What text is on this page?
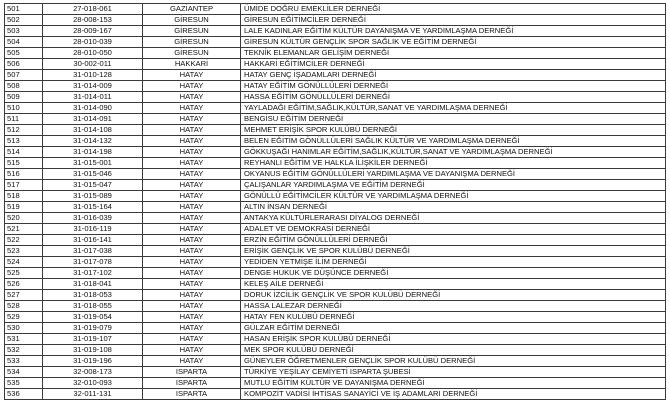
501	27-018-061	GAZİANTEP	ÜMİDE DOĞRU EMEKLİLER DERNEĞİ
502	28-008-153	GİRESUN	GİRESUN EĞİTİMCİLER DERNEĞİ
503	28-009-167	GİRESUN	LALE KADINLAR EĞİTİM KÜLTÜR DAYANIŞMA VE YARDIMLAŞMA DERNEĞİ
504	28-010-039	GİRESUN	GİRESUN KÜLTÜR GENÇLİK SPOR SAĞLIK VE EĞİTİM DERNEĞİ
505	28-010-050	GİRESUN	TEKNİK ELEMANLAR GELİŞİM DERNEĞİ
506	30-002-011	HAKKARİ	HAKKARİ EĞİTİMCİLER DERNEĞİ
507	31-010-128	HATAY	HATAY GENÇ İŞADAMLARI DERNEĞİ
508	31-014-009	HATAY	HATAY EĞİTİM GÖNÜLLÜLERİ DERNEĞİ
509	31-014-011	HATAY	HASSA EĞİTİM GÖNÜLLÜLERİ DERNEĞİ
510	31-014-090	HATAY	YAYLADAĞI EĞİTİM,SAĞLIK,KÜLTÜR,SANAT VE YARDIMLAŞMA DERNEĞİ
511	31-014-091	HATAY	BENGİSU EĞİTİM DERNEĞİ
512	31-014-108	HATAY	MEHMET ERİŞİK SPOR KULÜBÜ DERNEĞİ
513	31-014-132	HATAY	BELEN EĞİTİM GÖNÜLLÜLERİ SAĞLIK KÜLTÜR VE YARDIMLAŞMA DERNEĞİ
514	31-014-198	HATAY	GÖKKUŞAĞI HANIMLAR EĞİTİM,SAĞLIK,KÜLTÜR,SANAT VE YARDIMLAŞMA DERNEĞİ
515	31-015-001	HATAY	REYHANLI EĞİTİM VE HALKLA İLİŞKİLER DERNEĞİ
516	31-015-046	HATAY	OKYANUS EĞİTİM GÖNÜLLÜLERİ YARDIMLAŞMA VE DAYANIŞMA DERNEĞİ
517	31-015-047	HATAY	ÇALIŞANLAR YARDIMLAŞMA VE EĞİTİM DERNEĞİ
518	31-015-089	HATAY	GÖNÜLLÜ EĞİTİMCİLER KÜLTÜR VE YARDIMLAŞMA DERNEĞİ
519	31-015-164	HATAY	ALTIN İNSAN DERNEĞİ
520	31-016-039	HATAY	ANTAKYA KÜLTÜRLERARASI DİYALOG DERNEĞİ
521	31-016-119	HATAY	ADALET VE DEMOKRASİ DERNEĞİ
522	31-016-141	HATAY	ERZİN EĞİTİM GÖNÜLLÜLERİ DERNEĞİ
523	31-017-038	HATAY	ERİŞİK GENÇLİK VE SPOR KULÜBÜ DERNEĞİ
524	31-017-078	HATAY	YEDİDEN YETMİŞE İLİM DERNEĞİ
525	31-017-102	HATAY	DENGE HUKUK VE DÜŞÜNCE DERNEĞİ
526	31-018-041	HATAY	KELEŞ AİLE DERNEĞİ
527	31-018-053	HATAY	DORUK İZCİLİK GENÇLİK VE SPOR KULÜBÜ DERNEĞİ
528	31-018-055	HATAY	HASSA LALEZAR DERNEĞİ
529	31-019-054	HATAY	HATAY FEN KULÜBÜ DERNEĞİ
530	31-019-079	HATAY	GÜLZAR EĞİTİM DERNEĞİ
531	31-019-107	HATAY	HASAN ERİŞİK SPOR KULÜBÜ DERNEĞİ
532	31-019-108	HATAY	MEK SPOR KULÜBÜ DERNEĞİ
533	31-019-196	HATAY	GÜNEYLER ÖĞRETMENLER GENÇLİK SPOR KULÜBÜ DERNEĞİ
534	32-008-173	ISPARTA	TÜRKİYE YEŞİLAY CEMİYETİ ISPARTA ŞUBESİ
535	32-010-093	ISPARTA	MUTLU EĞİTİM KÜLTÜR VE DAYANIŞMA DERNEĞİ
536	32-011-131	ISPARTA	KOMPOZİT VADİSİ İHTİSAS SANAYİCİ VE İŞ ADAMLARI DERNEĞİ
